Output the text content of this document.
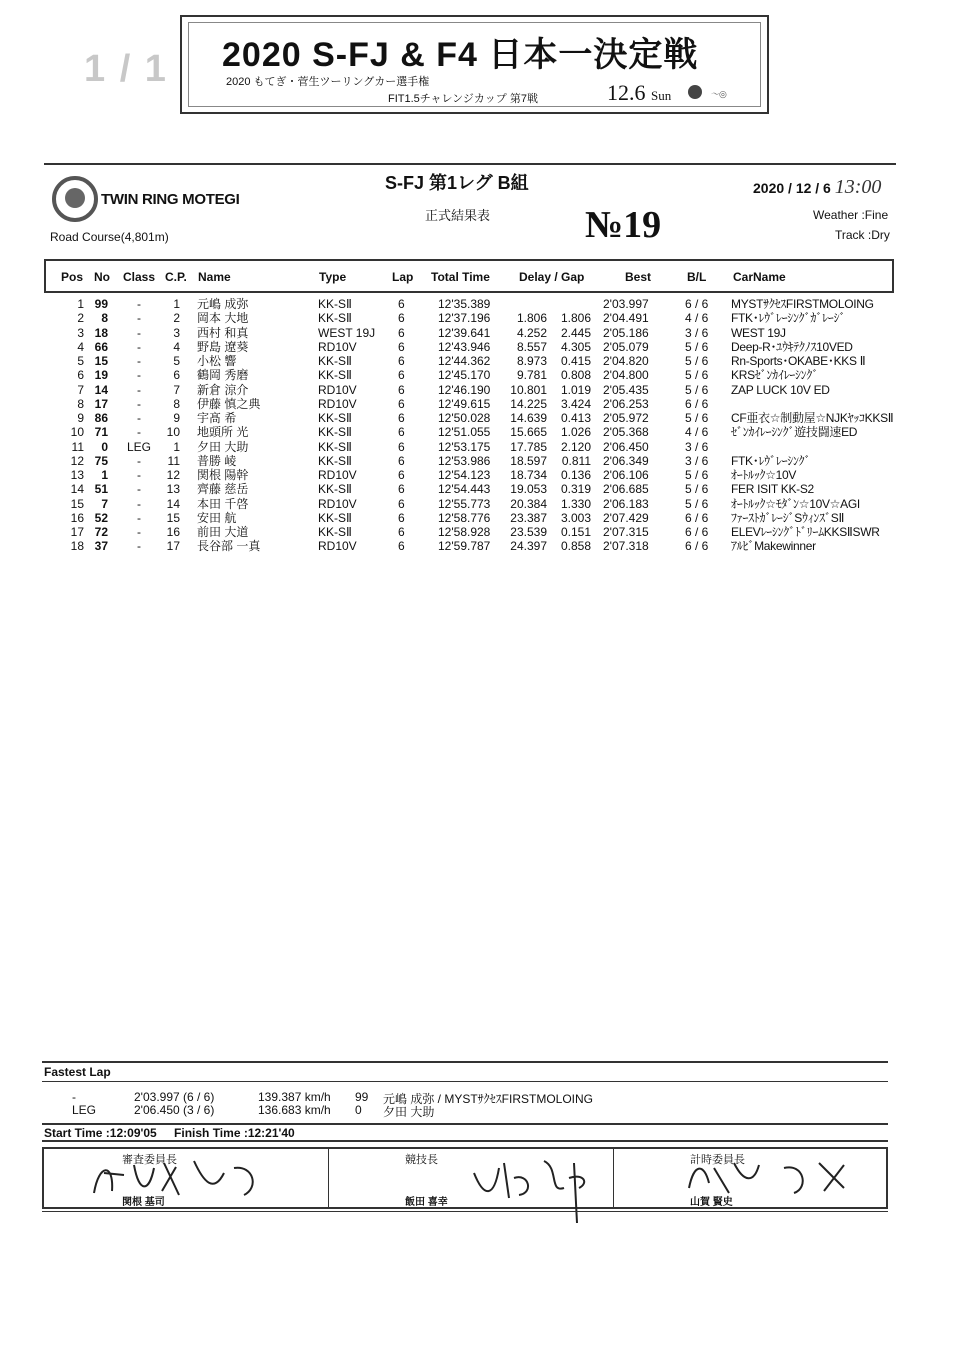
1 / 1 2020 S-FJ & F4 日本一決定戦
2020 もてぎ・菅生ツーリングカー選手権
FIT1.5チャレンジカップ 第7戦	12.6 Sun	〜◎
TWIN RING MOTEGI
Road Course(4,801m)
S-FJ 第1レグ B組
正式結果表 №19
2020 / 12 / 6 13:00
Weather :Fine
Track :Dry
Pos No Class C.P. Name	Type	Lap Total Time Delay / Gap	Best	B/L CarName
1 99	-	1 元嶋 成弥	KK-SⅡ	6	12'35.389	2'03.997	6 / 6 MYSTｻｸｾｽFIRSTMOLOING
2	8	-	2 岡本 大地	KK-SⅡ	6	12'37.196	1.806	1.806 2'04.491	4 / 6 FTK･ﾚｳﾞﾚｰｼﾝｸﾞｶﾞﾚｰｼﾞ
3 18	-	3 西村 和真	WEST 19J 6	12'39.641	4.252	2.445 2'05.186	3 / 6 WEST 19J
4 66	-	4 野島 遼葵	RD10V	6	12'43.946	8.557	4.305 2'05.079	5 / 6 Deep-R･ﾕｳｷﾃｸﾉｽ10VED
5 15	-	5 小松 響	KK-SⅡ	6	12'44.362	8.973	0.415 2'04.820	5 / 6 Rn-Sports･OKABE･KKS Ⅱ
6 19	-	6 鶴岡 秀磨	KK-SⅡ	6	12'45.170	9.781	0.808 2'04.800	5 / 6 KRSｾﾞﾝｶｲﾚｰｼﾝｸﾞ
7 14	-	7 新倉 涼介	RD10V	6	12'46.190	10.801	1.019 2'05.435	5 / 6 ZAP LUCK 10V ED
8 17	-	8 伊藤 慎之典	RD10V	6	12'49.615	14.225	3.424 2'06.253	6 / 6
9 86	-	9 宇髙 希	KK-SⅡ	6	12'50.028	14.639	0.413 2'05.972	5 / 6 CF亜衣☆制動屋☆NJKﾔｯｺKKSⅡ
10 71	-	10 地頭所 光	KK-SⅡ	6	12'51.055	15.665	1.026 2'05.368	4 / 6 ｾﾞﾝｶｲﾚｰｼﾝｸﾞ遊技闘速ED
11	0 LEG	1 夕田 大助	KK-SⅡ	6	12'53.175	17.785	2.120 2'06.450	3 / 6
12 75	-	11 普勝 崚	KK-SⅡ	6	12'53.986	18.597	0.811 2'06.349	3 / 6 FTK･ﾚｳﾞﾚｰｼﾝｸﾞ
13	1	-	12 関根 陽幹	RD10V	6	12'54.123	18.734	0.136 2'06.106	5 / 6 ｵｰﾄﾙｯｸ☆10V
14 51	-	13 齊藤 慈岳	KK-SⅡ	6	12'54.443	19.053	0.319 2'06.685	5 / 6 FER ISIT KK-S2
15	7	-	14 本田 千啓	RD10V	6	12'55.773	20.384	1.330 2'06.183	5 / 6 ｵｰﾄﾙｯｸ☆ﾓﾀﾞﾝ☆10V☆AGI
16 52	-	15 安田 航	KK-SⅡ	6	12'58.776	23.387	3.003 2'07.429	6 / 6 ﾌｧｰｽﾄｶﾞﾚｰｼﾞSｳｨﾝｽﾞSⅡ
17 72	-	16 前田 大道	KK-SⅡ	6	12'58.928	23.539	0.151 2'07.315	6 / 6 ELEVﾚｰｼﾝｸﾞﾄﾞﾘｰﾑKKSⅡSWR
18 37	-	17 長谷部 一真	RD10V	6	12'59.787	24.397	0.858 2'07.318	6 / 6 ｱﾙﾋﾞMakewinner
Fastest Lap
-	2'03.997 (6 / 6)	139.387 km/h 99 元嶋 成弥 / MYSTｻｸｾｽFIRSTMOLOING
LEG	2'06.450 (3 / 6)	136.683 km/h 0 夕田 大助
Start Time :12:09'05 Finish Time :12:21'40
審査委員長
関根 基司
競技長
飯田 喜幸
計時委員長
山賀 賢史
